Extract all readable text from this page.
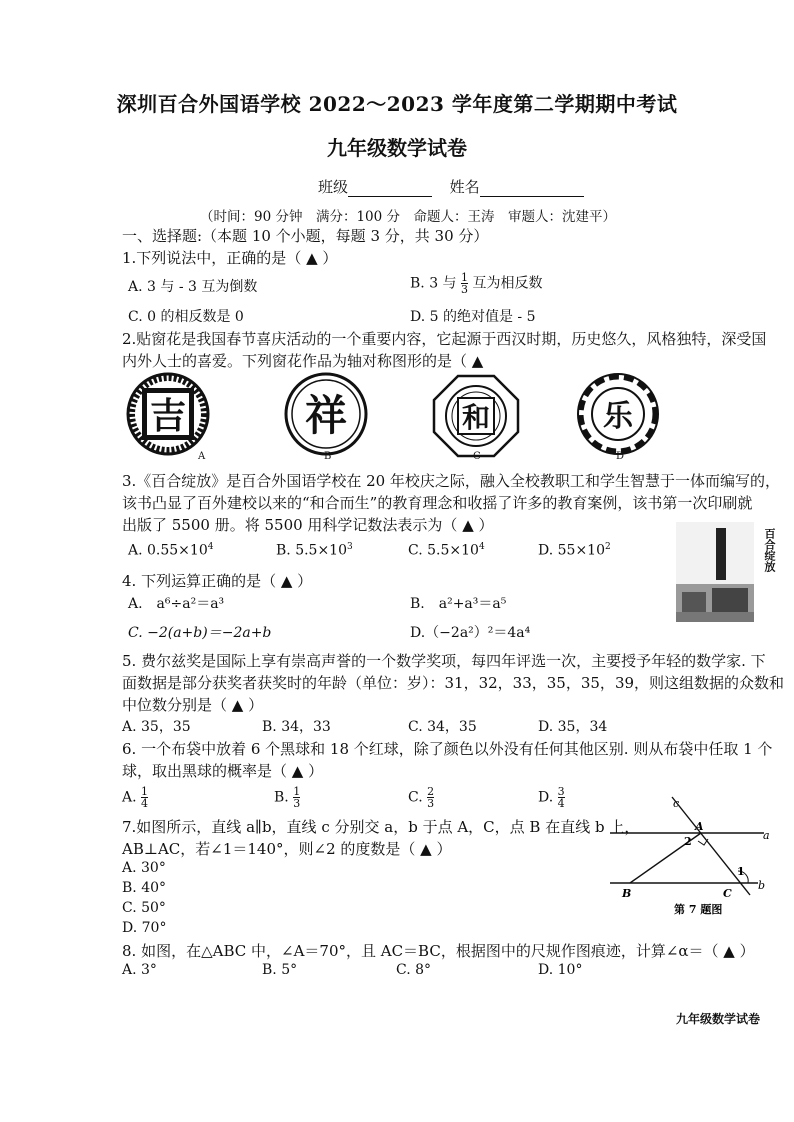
深圳百合外国语学校 2022～2023 学年度第二学期期中考试
九年级数学试卷
班级	姓名
（时间：90 分钟　满分：100 分　命题人：王涛　审题人：沈建平）
一、选择题:（本题 10 个小题，每题 3 分，共 30 分）
1.下列说法中，正确的是（ ▲ ）
A. 3 与 - 3 互为倒数	B. 3 与 $\frac{1}{3}$ 互为相反数
C. 0 的相反数是 0	D. 5 的绝对值是 - 5
2.贴窗花是我国春节喜庆活动的一个重要内容，它起源于西汉时期，历史悠久，风格独特，深受国
内外人士的喜爱。下列窗花作品为轴对称图形的是（ ▲
吉
A
祥
B
和
C
乐
D
3.《百合绽放》是百合外国语学校在 20 年校庆之际，融入全校教职工和学生智慧于一体而编写的，
该书凸显了百外建校以来的“和合而生”的教育理念和收摇了许多的教育案例，该书第一次印刷就
出版了 5500 册。将 5500 用科学记数法表示为（ ▲ ）
A. $0.55\times 10^4$	B. $5.5\times 10^3$	C. $5.5\times 10^4$	D. $55\times 10^2$
百合绽放
4. 下列运算正确的是（ ▲ ）
A.　a⁶÷a²＝a³	B.　a²+a³＝a⁵
C. −2(a+b)＝−2a+b	D.（−2a²）²＝4a⁴
5. 费尔兹奖是国际上享有崇高声誉的一个数学奖项，每四年评选一次，主要授予年轻的数学家. 下
面数据是部分获奖者获奖时的年龄（单位：岁）：31，32，33，35，35，39，则这组数据的众数和
中位数分别是（ ▲ ）
A. 35，35	B. 34，33	C. 34，35	D. 35，34
6. 一个布袋中放着 6 个黑球和 18 个红球，除了颜色以外没有任何其他区别. 则从布袋中任取 1 个
球，取出黑球的概率是（ ▲ ）
A. $\frac{1}{4}$	B. $\frac{1}{3}$	C. $\frac{2}{3}$	D. $\frac{3}{4}$
7.如图所示，直线 a∥b，直线 c 分别交 a，b 于点 A，C，点 B 在直线 b 上，
AB⊥AC，若∠1＝140°，则∠2 的度数是（ ▲ ）
A. 30°
B. 40°
C. 50°
D. 70°
c
a
b
A
B	C
2
1
第 7 题图
8. 如图，在△ABC 中，∠A＝70°，且 AC＝BC，根据图中的尺规作图痕迹，计算∠α＝（ ▲ ）
A. 3°	B. 5°	C. 8°	D. 10°
九年级数学试卷
